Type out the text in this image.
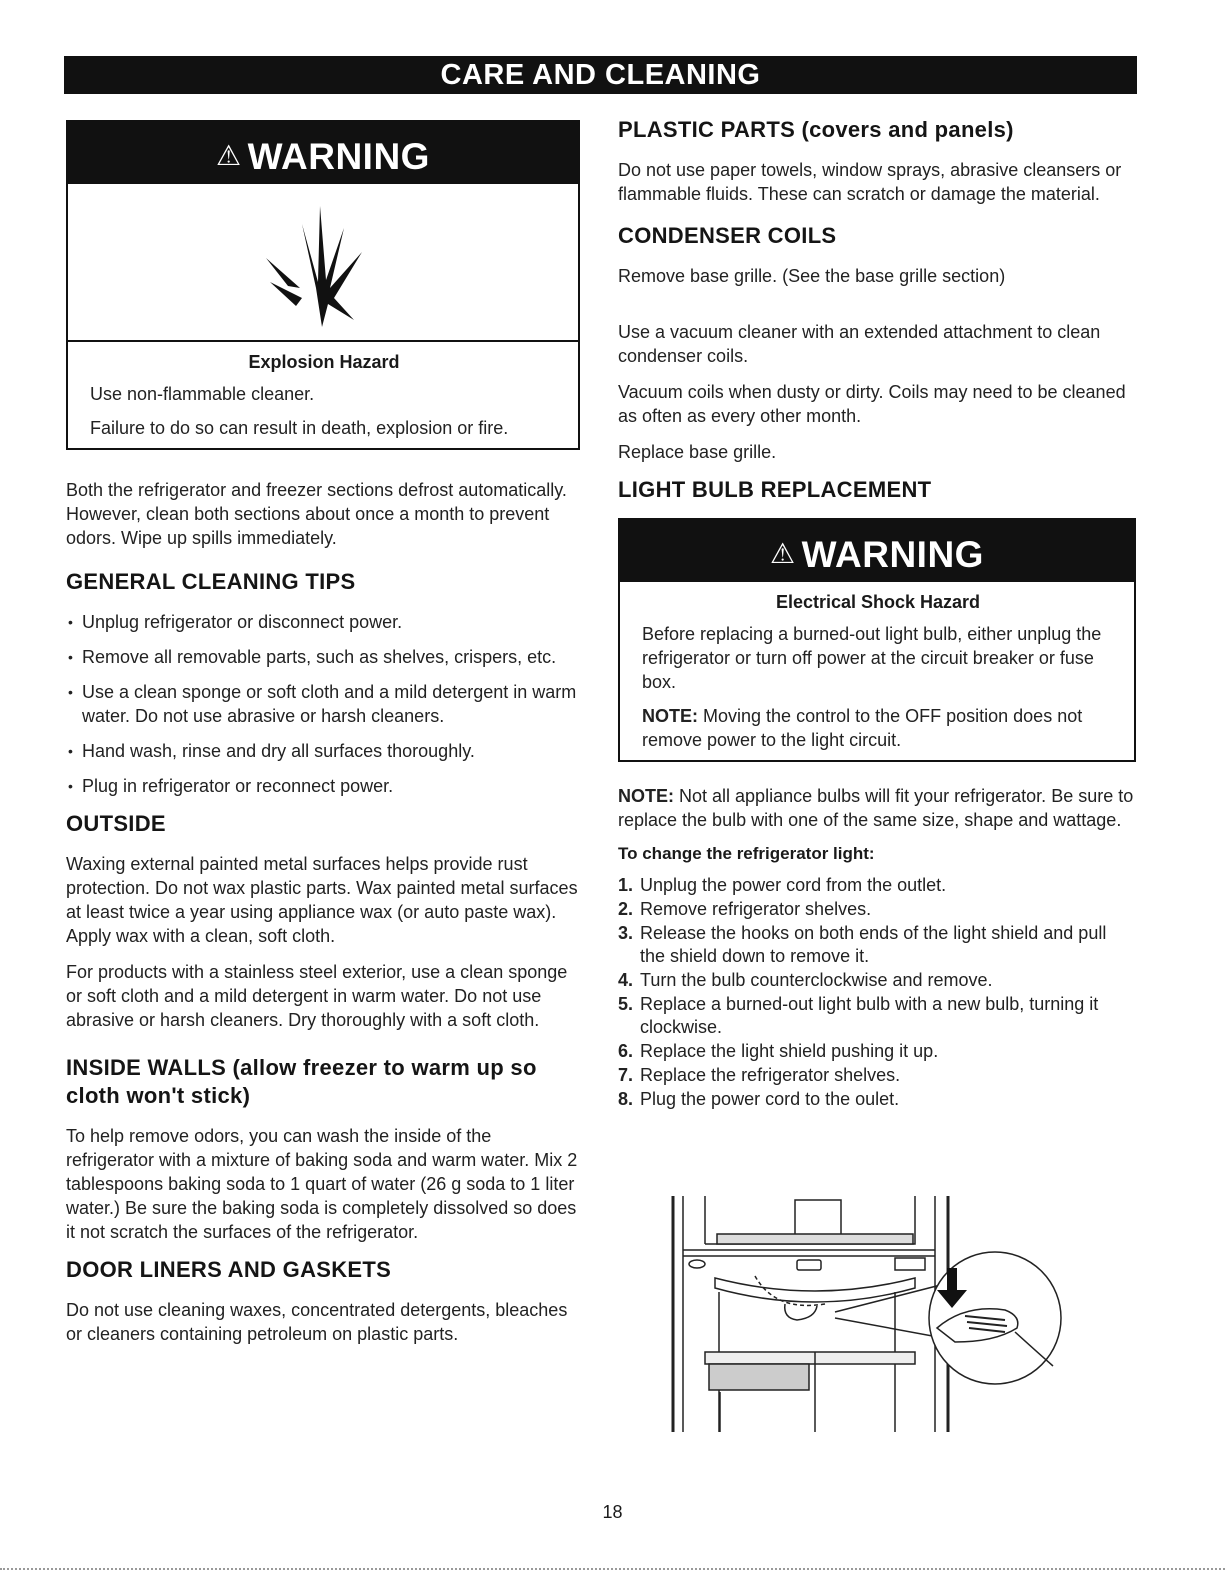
CARE AND CLEANING
⚠ WARNING
Explosion Hazard

Use non-flammable cleaner.

Failure to do so can result in death, explosion or fire.

Both the refrigerator and freezer sections defrost automatically. However, clean both sections about once a month to prevent odors. Wipe up spills immediately.

GENERAL CLEANING TIPS
• Unplug refrigerator or disconnect power.
• Remove all removable parts, such as shelves, crispers, etc.
• Use a clean sponge or soft cloth and a mild detergent in warm water. Do not use abrasive or harsh cleaners.
• Hand wash, rinse and dry all surfaces thoroughly.
• Plug in refrigerator or reconnect power.
OUTSIDE

Waxing external painted metal surfaces helps provide rust protection. Do not wax plastic parts. Wax painted metal surfaces at least twice a year using appliance wax (or auto paste wax). Apply wax with a clean, soft cloth.

For products with a stainless steel exterior, use a clean sponge or soft cloth and a mild detergent in warm water. Do not use abrasive or harsh cleaners. Dry thoroughly with a soft cloth.

INSIDE WALLS (allow freezer to warm up so cloth won't stick)

To help remove odors, you can wash the inside of the refrigerator with a mixture of baking soda and warm water. Mix 2 tablespoons baking soda to 1 quart of water (26 g soda to 1 liter water.) Be sure the baking soda is completely dissolved so does it not scratch the surfaces of the refrigerator.

DOOR LINERS AND GASKETS

Do not use cleaning waxes, concentrated detergents, bleaches or cleaners containing petroleum on plastic parts.

PLASTIC PARTS (covers and panels)

Do not use paper towels, window sprays, abrasive cleansers or flammable fluids. These can scratch or damage the material.

CONDENSER COILS

Remove base grille. (See the base grille section)

Use a vacuum cleaner with an extended attachment to clean condenser coils.

Vacuum coils when dusty or dirty. Coils may need to be cleaned as often as every other month.

Replace base grille.

LIGHT BULB REPLACEMENT
⚠ WARNING
Electrical Shock Hazard

Before replacing a burned-out light bulb, either unplug the refrigerator or turn off power at the circuit breaker or fuse box.

NOTE: Moving the control to the OFF position does not remove power to the light circuit.

NOTE: Not all appliance bulbs will fit your refrigerator. Be sure to replace the bulb with one of the same size, shape and wattage.

To change the refrigerator light:
1. Unplug the power cord from the outlet.
2. Remove refrigerator shelves.
3. Release the hooks on both ends of the light shield and pull the shield down to remove it.
4. Turn the bulb counterclockwise and remove.
5. Replace a burned-out light bulb with a new bulb, turning it clockwise.
6. Replace the light shield pushing it up.
7. Replace the refrigerator shelves.
8. Plug the power cord to the oulet.
18
